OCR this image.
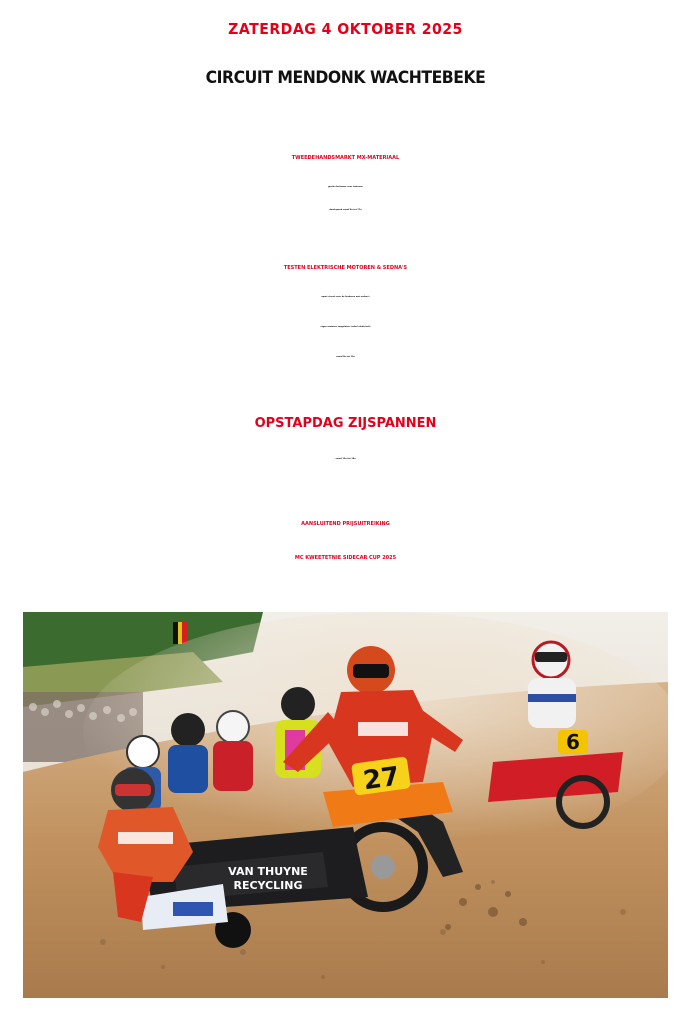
ZATERDAG 4 OKTOBER 2025

CIRCUIT MENDONK WACHTEBEKE

TWEEDEHANDSMARKT MX-MATERIAAL

gratis deelname voor iedereen

doorlopend vanaf 8u tot 17u

TESTEN ELEKTRISCHE MOTOREN & SEDNA'S

apart circuit voor de kinderen met sedna's

eigen motoren toegelaten (enkel elektrisch)

vanaf 8u tot 12u

OPSTAPDAG ZIJSPANNEN

vanaf 12u tot 18u

AANSLUITEND PRIJSUITREIKING

MC KWEETETNIE SIDECAR CUP 2025

6
27
VAN THUYNE
RECYCLING
